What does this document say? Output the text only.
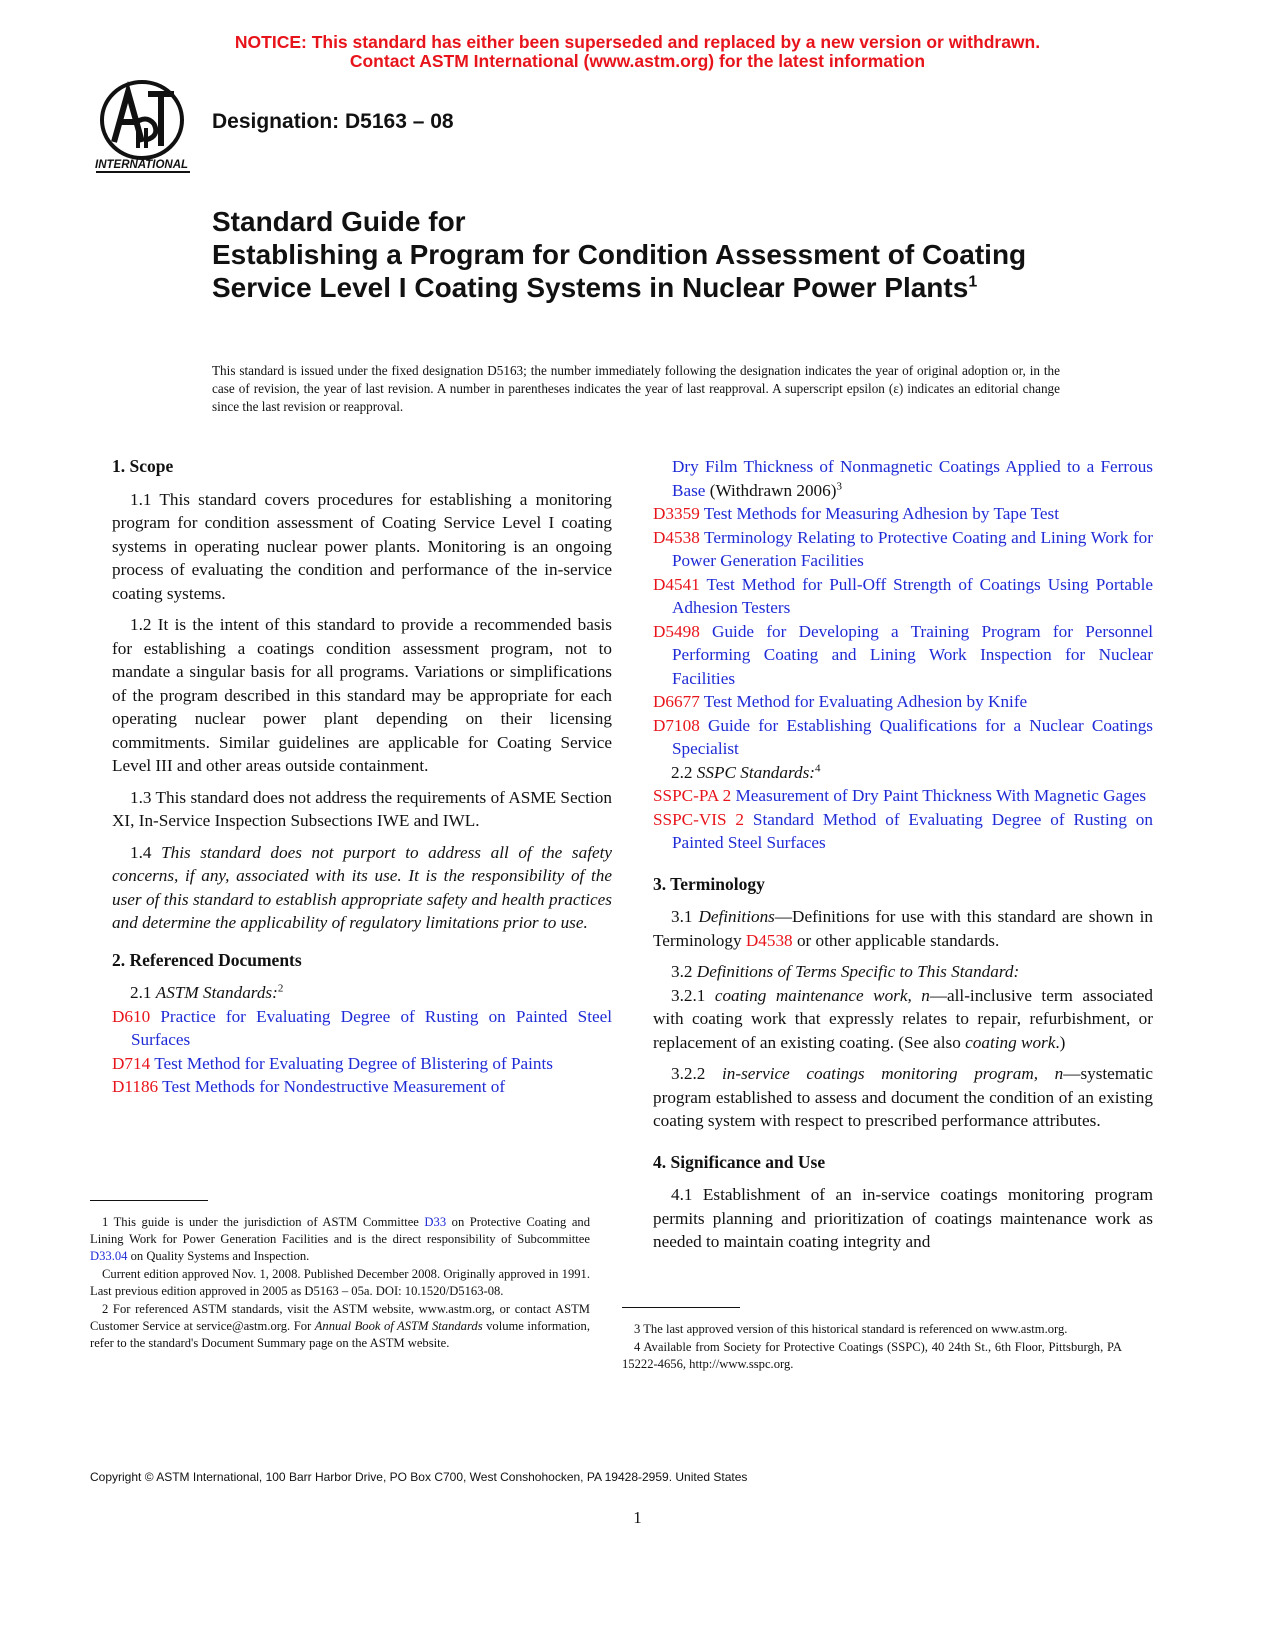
NOTICE: This standard has either been superseded and replaced by a new version or withdrawn.
Contact ASTM International (www.astm.org) for the latest information
INTERNATIONAL
Designation: D5163 – 08
Standard Guide for
Establishing a Program for Condition Assessment of Coating Service Level I Coating Systems in Nuclear Power Plants$^1$
This standard is issued under the fixed designation D5163; the number immediately following the designation indicates the year of original adoption or, in the case of revision, the year of last revision. A number in parentheses indicates the year of last reapproval. A superscript epsilon (ε) indicates an editorial change since the last revision or reapproval.
1. Scope

1.1 This standard covers procedures for establishing a monitoring program for condition assessment of Coating Service Level I coating systems in operating nuclear power plants. Monitoring is an ongoing process of evaluating the condition and performance of the in-service coating systems.

1.2 It is the intent of this standard to provide a recommended basis for establishing a coatings condition assessment program, not to mandate a singular basis for all programs. Variations or simplifications of the program described in this standard may be appropriate for each operating nuclear power plant depending on their licensing commitments. Similar guidelines are applicable for Coating Service Level III and other areas outside containment.

1.3 This standard does not address the requirements of ASME Section XI, In-Service Inspection Subsections IWE and IWL.

1.4 This standard does not purport to address all of the safety concerns, if any, associated with its use. It is the responsibility of the user of this standard to establish appropriate safety and health practices and determine the applicability of regulatory limitations prior to use.

2. Referenced Documents

2.1 ASTM Standards:$^2$

D610 Practice for Evaluating Degree of Rusting on Painted Steel Surfaces
D714 Test Method for Evaluating Degree of Blistering of Paints
D1186 Test Methods for Nondestructive Measurement of
Dry Film Thickness of Nonmagnetic Coatings Applied to a Ferrous Base (Withdrawn 2006)$^3$
D3359 Test Methods for Measuring Adhesion by Tape Test
D4538 Terminology Relating to Protective Coating and Lining Work for Power Generation Facilities
D4541 Test Method for Pull-Off Strength of Coatings Using Portable Adhesion Testers
D5498 Guide for Developing a Training Program for Personnel Performing Coating and Lining Work Inspection for Nuclear Facilities
D6677 Test Method for Evaluating Adhesion by Knife
D7108 Guide for Establishing Qualifications for a Nuclear Coatings Specialist

2.2 SSPC Standards:$^4$

SSPC-PA 2 Measurement of Dry Paint Thickness With Magnetic Gages
SSPC-VIS 2 Standard Method of Evaluating Degree of Rusting on Painted Steel Surfaces
3. Terminology

3.1 Definitions—Definitions for use with this standard are shown in Terminology D4538 or other applicable standards.

3.2 Definitions of Terms Specific to This Standard:

3.2.1 coating maintenance work, n—all-inclusive term associated with coating work that expressly relates to repair, refurbishment, or replacement of an existing coating. (See also coating work.)

3.2.2 in-service coatings monitoring program, n—systematic program established to assess and document the condition of an existing coating system with respect to prescribed performance attributes.

4. Significance and Use

4.1 Establishment of an in-service coatings monitoring program permits planning and prioritization of coatings maintenance work as needed to maintain coating integrity and

1 This guide is under the jurisdiction of ASTM Committee D33 on Protective Coating and Lining Work for Power Generation Facilities and is the direct responsibility of Subcommittee D33.04 on Quality Systems and Inspection.

Current edition approved Nov. 1, 2008. Published December 2008. Originally approved in 1991. Last previous edition approved in 2005 as D5163 – 05a. DOI: 10.1520/D5163-08.

2 For referenced ASTM standards, visit the ASTM website, www.astm.org, or contact ASTM Customer Service at service@astm.org. For Annual Book of ASTM Standards volume information, refer to the standard's Document Summary page on the ASTM website.

3 The last approved version of this historical standard is referenced on www.astm.org.

4 Available from Society for Protective Coatings (SSPC), 40 24th St., 6th Floor, Pittsburgh, PA 15222-4656, http://www.sspc.org.

Copyright © ASTM International, 100 Barr Harbor Drive, PO Box C700, West Conshohocken, PA 19428-2959. United States
1
